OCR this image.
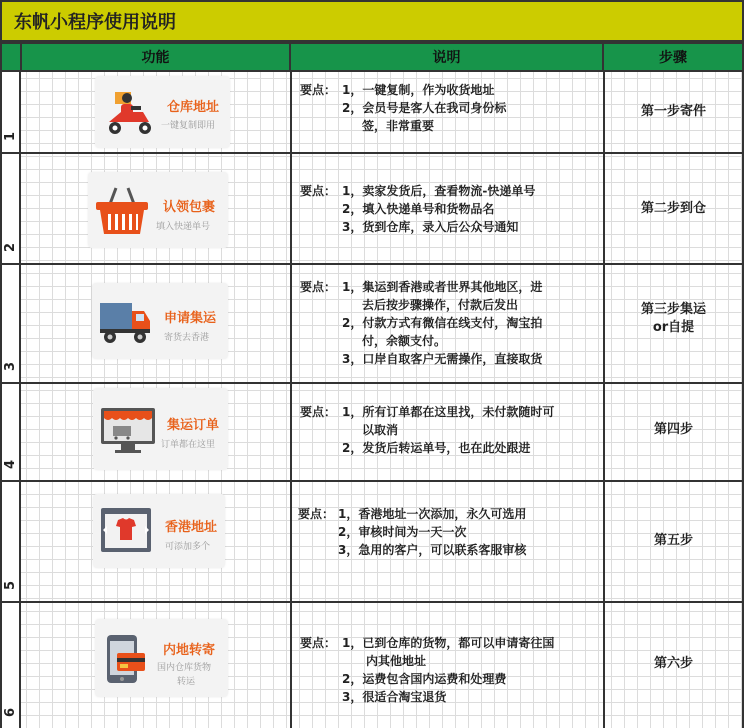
东帆小程序使用说明
功能	说明	步骤
1
仓库地址
一键复制即用
要点： 1，一键复制，作为收货地址
2，会员号是客人在我司身份标
签，非常重要
第一步寄件
2
认领包裹
填入快递单号
要点： 1，卖家发货后，查看物流-快递单号
2，填入快递单号和货物品名
3，货到仓库，录入后公众号通知
第二步到仓
3
申请集运
寄货去香港
要点： 1，集运到香港或者世界其他地区，进
去后按步骤操作，付款后发出
2，付款方式有微信在线支付，淘宝拍
付，余额支付。
3，口岸自取客户无需操作，直接取货
第三步集运
or自提
4
集运订单
订单都在这里
要点： 1，所有订单都在这里找，未付款随时可
以取消
2，发货后转运单号，也在此处跟进
第四步
5
香港地址
可添加多个
要点： 1，香港地址一次添加，永久可选用
2，审核时间为一天一次
3，急用的客户，可以联系客服审核
第五步
6
内地转寄
国内仓库货物
转运
要点： 1，已到仓库的货物，都可以申请寄往国
内其他地址
2，运费包含国内运费和处理费
3，很适合淘宝退货
第六步
